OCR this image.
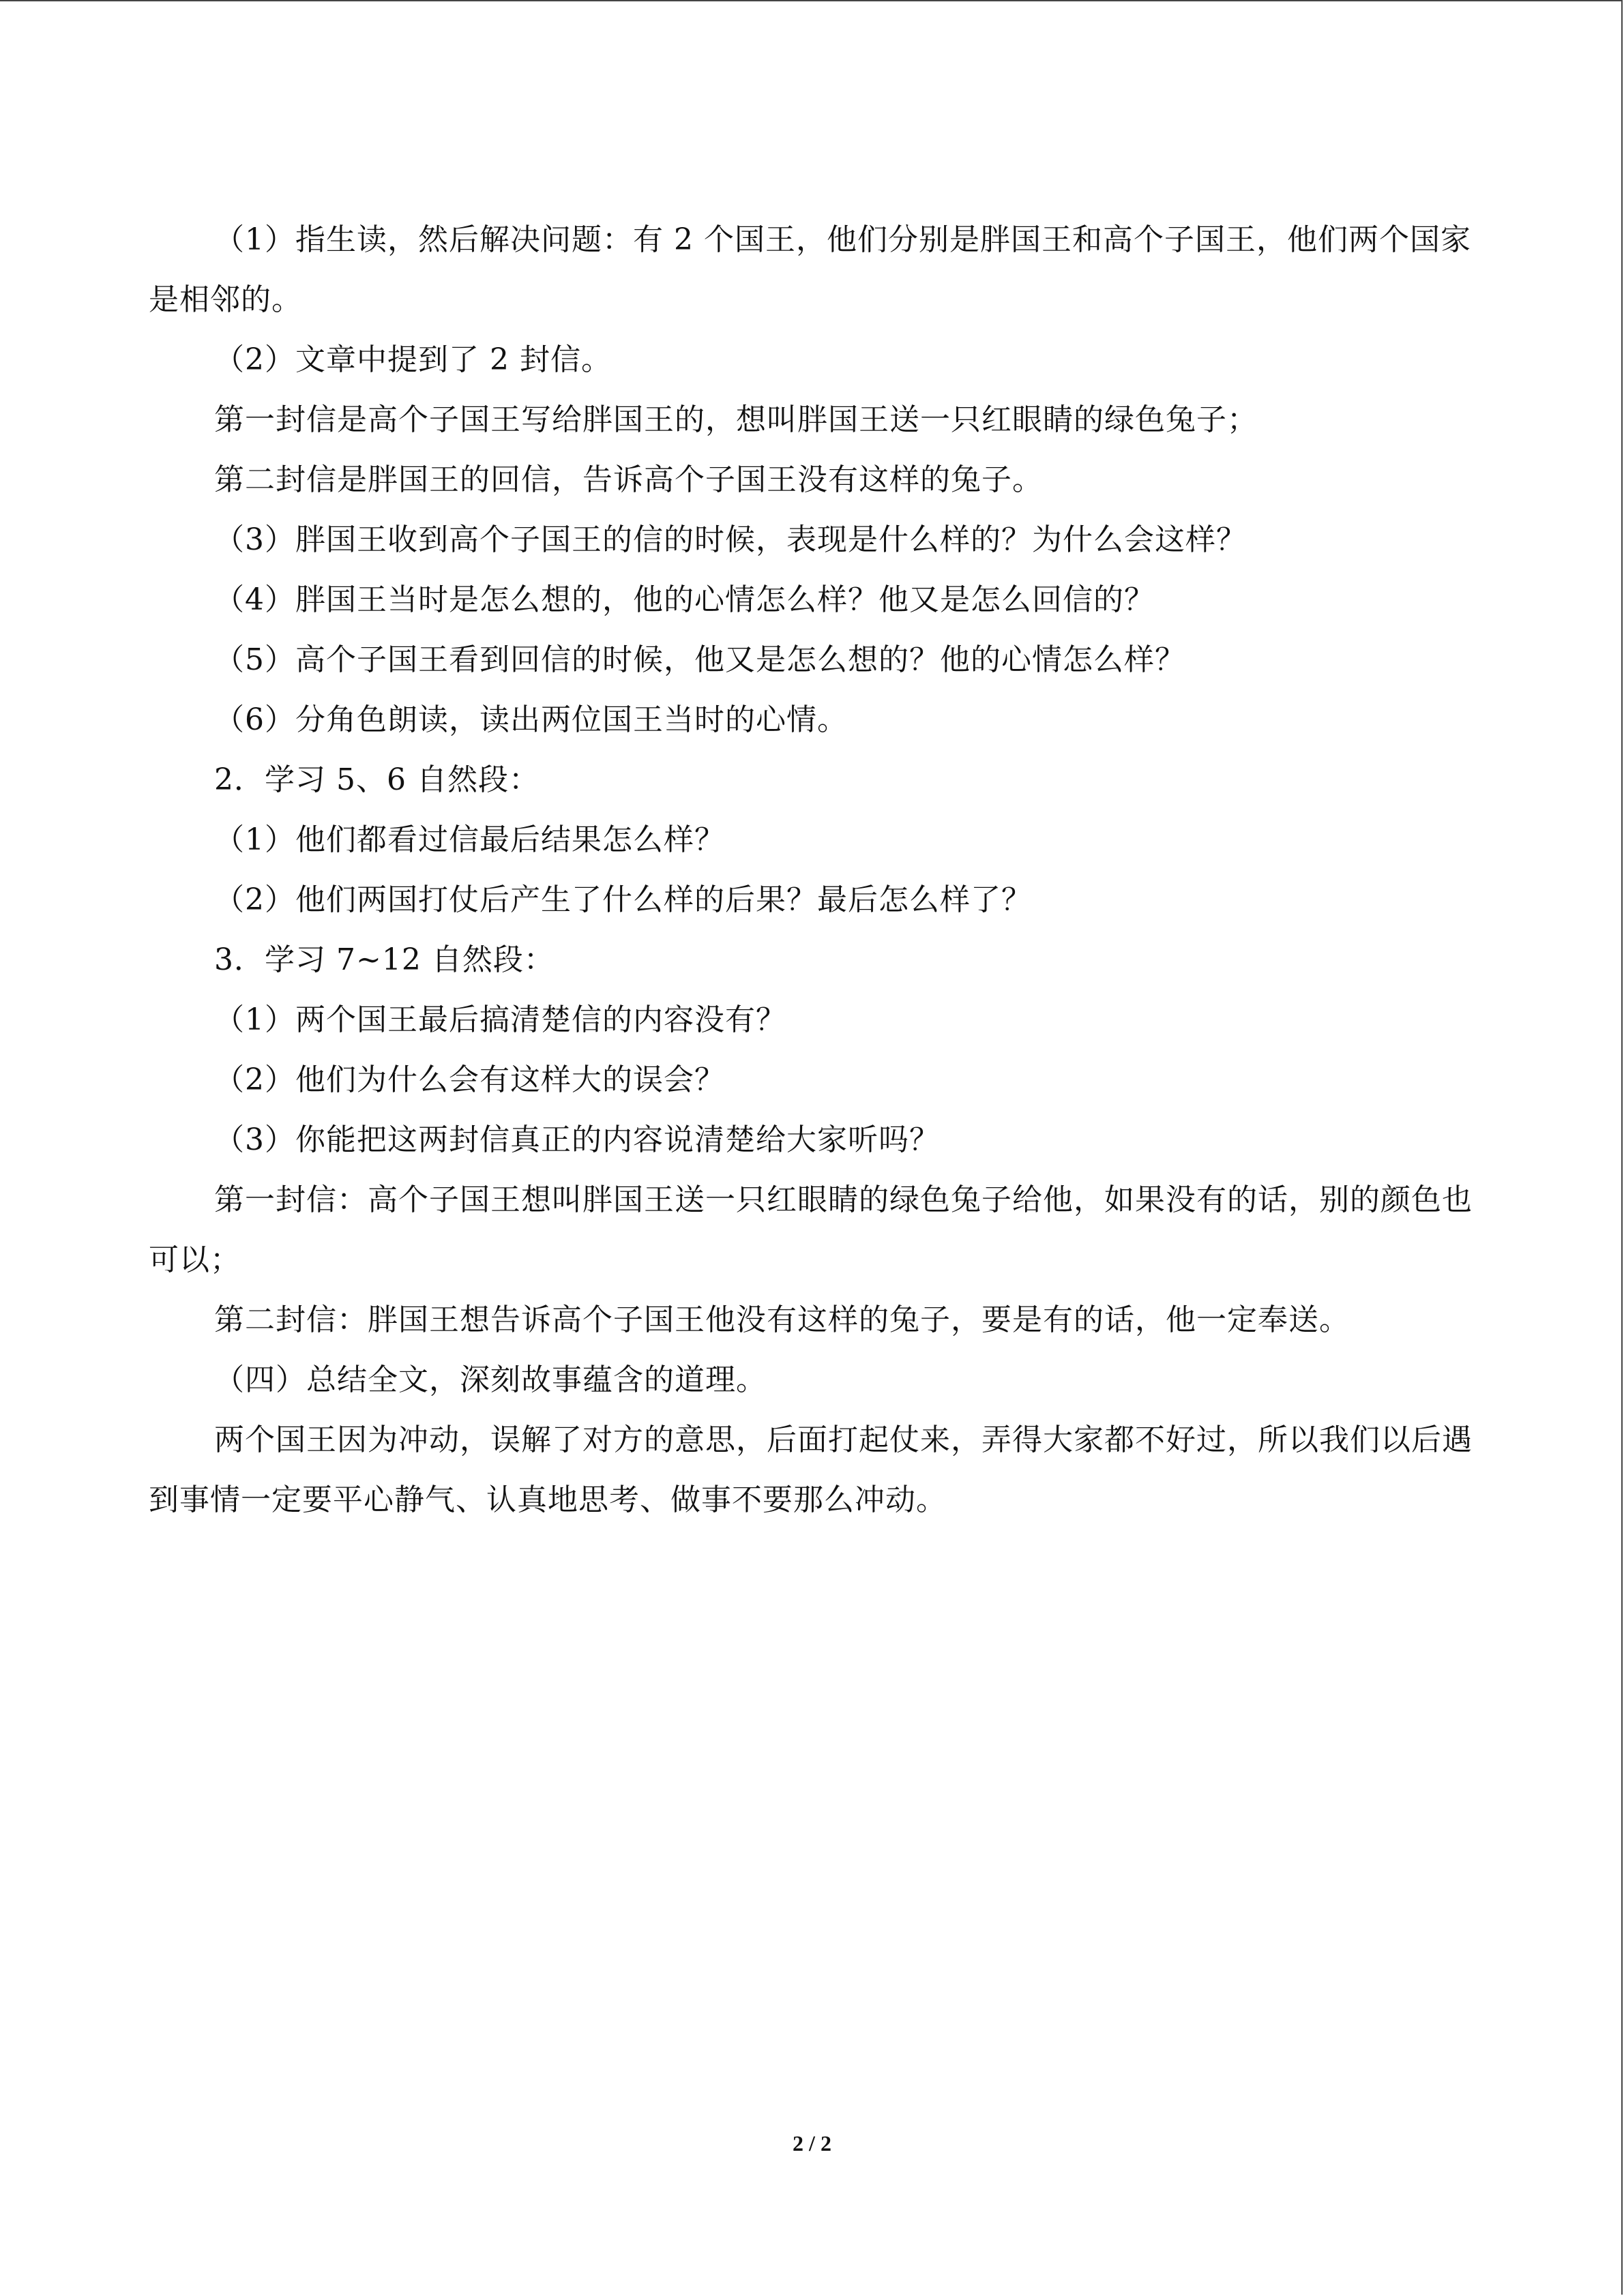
（1）指生读，然后解决问题：有 2 个国王，他们分别是胖国王和高个子国王，他们两个国家是相邻的。

（2）文章中提到了 2 封信。

第一封信是高个子国王写给胖国王的，想叫胖国王送一只红眼睛的绿色兔子；

第二封信是胖国王的回信，告诉高个子国王没有这样的兔子。

（3）胖国王收到高个子国王的信的时候，表现是什么样的？为什么会这样？

（4）胖国王当时是怎么想的，他的心情怎么样？他又是怎么回信的？

（5）高个子国王看到回信的时候，他又是怎么想的？他的心情怎么样？

（6）分角色朗读，读出两位国王当时的心情。

2．学习 5、6 自然段：

（1）他们都看过信最后结果怎么样？

（2）他们两国打仗后产生了什么样的后果？最后怎么样了？

3．学习 7~12 自然段：

（1）两个国王最后搞清楚信的内容没有？

（2）他们为什么会有这样大的误会？

（3）你能把这两封信真正的内容说清楚给大家听吗？

第一封信：高个子国王想叫胖国王送一只红眼睛的绿色兔子给他，如果没有的话，别的颜色也可以；

第二封信：胖国王想告诉高个子国王他没有这样的兔子，要是有的话，他一定奉送。

（四）总结全文，深刻故事蕴含的道理。

两个国王因为冲动，误解了对方的意思，后面打起仗来，弄得大家都不好过，所以我们以后遇到事情一定要平心静气、认真地思考、做事不要那么冲动。

2 / 2
